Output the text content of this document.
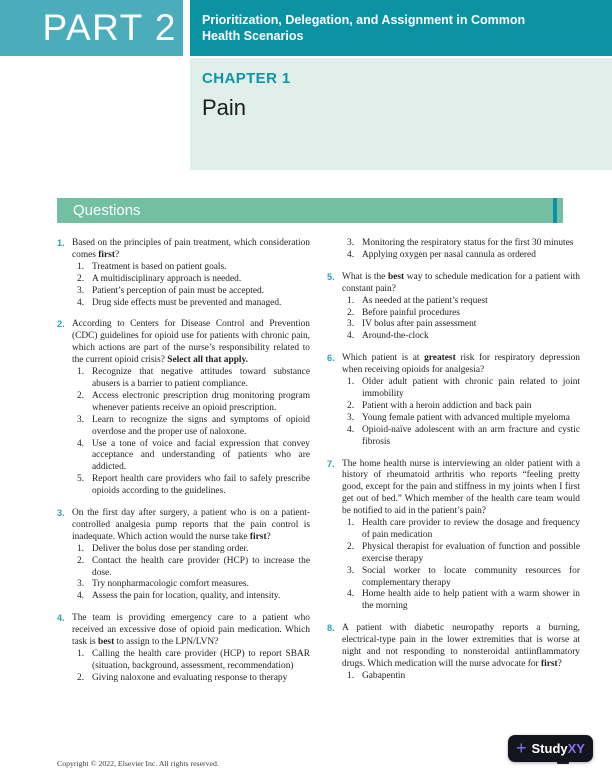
PART 2 Prioritization, Delegation, and Assignment in Common Health Scenarios
CHAPTER 1
Pain
Questions
1. Based on the principles of pain treatment, which consideration comes first?
1. Treatment is based on patient goals.
2. A multidisciplinary approach is needed.
3. Patient’s perception of pain must be accepted.
4. Drug side effects must be prevented and managed.
2. According to Centers for Disease Control and Prevention (CDC) guidelines for opioid use for patients with chronic pain, which actions are part of the nurse’s responsibility related to the current opioid crisis? Select all that apply.
1. Recognize that negative attitudes toward substance abusers is a barrier to patient compliance.
2. Access electronic prescription drug monitoring program whenever patients receive an opioid prescription.
3. Learn to recognize the signs and symptoms of opioid overdose and the proper use of naloxone.
4. Use a tone of voice and facial expression that convey acceptance and understanding of patients who are addicted.
5. Report health care providers who fail to safely prescribe opioids according to the guidelines.
3. On the first day after surgery, a patient who is on a patient-controlled analgesia pump reports that the pain control is inadequate. Which action would the nurse take first?
1. Deliver the bolus dose per standing order.
2. Contact the health care provider (HCP) to increase the dose.
3. Try nonpharmacologic comfort measures.
4. Assess the pain for location, quality, and intensity.
4. The team is providing emergency care to a patient who received an excessive dose of opioid pain medication. Which task is best to assign to the LPN/LVN?
1. Calling the health care provider (HCP) to report SBAR (situation, background, assessment, recommendation)
2. Giving naloxone and evaluating response to therapy
3. Monitoring the respiratory status for the first 30 minutes
4. Applying oxygen per nasal cannula as ordered
5. What is the best way to schedule medication for a patient with constant pain?
1. As needed at the patient’s request
2. Before painful procedures
3. IV bolus after pain assessment
4. Around-the-clock
6. Which patient is at greatest risk for respiratory depression when receiving opioids for analgesia?
1. Older adult patient with chronic pain related to joint immobility
2. Patient with a heroin addiction and back pain
3. Young female patient with advanced multiple myeloma
4. Opioid-naïve adolescent with an arm fracture and cystic fibrosis
7. The home health nurse is interviewing an older patient with a history of rheumatoid arthritis who reports “feeling pretty good, except for the pain and stiffness in my joints when I first get out of bed.” Which member of the health care team would be notified to aid in the patient’s pain?
1. Health care provider to review the dosage and frequency of pain medication
2. Physical therapist for evaluation of function and possible exercise therapy
3. Social worker to locate community resources for complementary therapy
4. Home health aide to help patient with a warm shower in the morning
8. A patient with diabetic neuropathy reports a burning, electrical-type pain in the lower extremities that is worse at night and not responding to nonsteroidal antiinflammatory drugs. Which medication will the nurse advocate for first?
1. Gabapentin
+ StudyXY
Copyright © 2022, Elsevier Inc. All rights reserved.
